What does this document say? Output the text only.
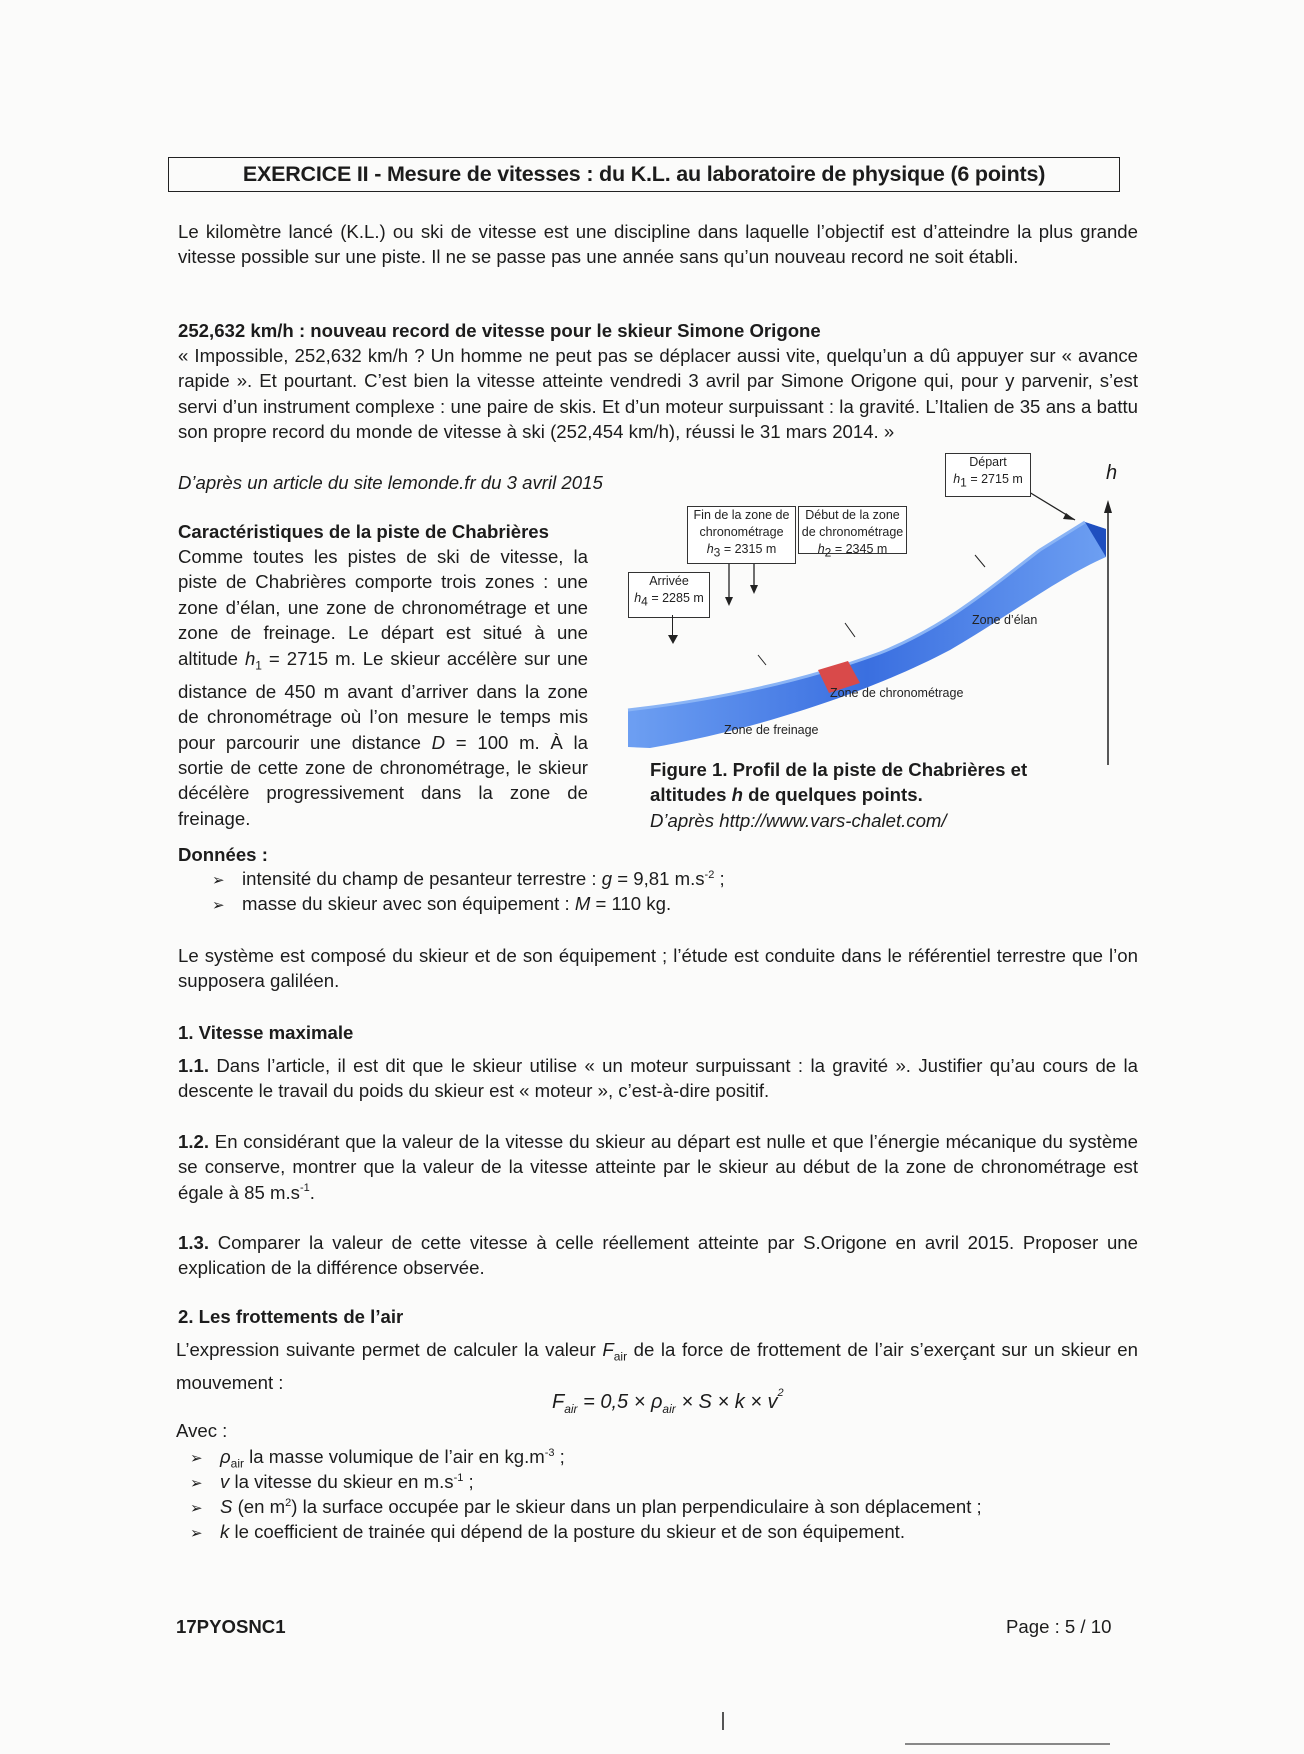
EXERCICE II - Mesure de vitesses : du K.L. au laboratoire de physique (6 points)
Le kilomètre lancé (K.L.) ou ski de vitesse est une discipline dans laquelle l’objectif est d’atteindre la plus grande vitesse possible sur une piste. Il ne se passe pas une année sans qu’un nouveau record ne soit établi.
252,632 km/h : nouveau record de vitesse pour le skieur Simone Origone
« Impossible, 252,632 km/h ? Un homme ne peut pas se déplacer aussi vite, quelqu’un a dû appuyer sur « avance rapide ». Et pourtant. C’est bien la vitesse atteinte vendredi 3 avril par Simone Origone qui, pour y parvenir, s’est servi d’un instrument complexe : une paire de skis. Et d’un moteur surpuissant : la gravité. L’Italien de 35 ans a battu son propre record du monde de vitesse à ski (252,454 km/h), réussi le 31 mars 2014. »
D’après un article du site lemonde.fr du 3 avril 2015
Caractéristiques de la piste de Chabrières
Comme toutes les pistes de ski de vitesse, la piste de Chabrières comporte trois zones : une zone d’élan, une zone de chronométrage et une zone de freinage. Le départ est situé à une altitude $h_1 = 2715$ m. Le skieur accélère sur une distance de 450 m avant d’arriver dans la zone de chronométrage où l’on mesure le temps mis pour parcourir une distance D = 100 m. À la sortie de cette zone de chronométrage, le skieur décélère progressivement dans la zone de freinage.
h
Départ
$h_1 = 2715$ m
Fin de la zone de
chronométrage
$h_3 = 2315$ m
Début de la zone
de chronométrage
$h_2 = 2345$ m
Arrivée
$h_4 = 2285$ m
Zone d’élan
Zone de chronométrage
Zone de freinage
Figure 1. Profil de la piste de Chabrières et
altitudes h de quelques points.
D’après http://www.vars-chalet.com/
Données :
➢ intensité du champ de pesanteur terrestre : g = 9,81 $m.s^{-2}$ ;
➢ masse du skieur avec son équipement : M = 110 kg.
Le système est composé du skieur et de son équipement ; l’étude est conduite dans le référentiel terrestre que l’on supposera galiléen.
1. Vitesse maximale
1.1. Dans l’article, il est dit que le skieur utilise « un moteur surpuissant : la gravité ». Justifier qu’au cours de la descente le travail du poids du skieur est « moteur », c’est-à-dire positif.
1.2. En considérant que la valeur de la vitesse du skieur au départ est nulle et que l’énergie mécanique du système se conserve, montrer que la valeur de la vitesse atteinte par le skieur au début de la zone de chronométrage est égale à 85 $m.s^{-1}$.
1.3. Comparer la valeur de cette vitesse à celle réellement atteinte par S.Origone en avril 2015. Proposer une explication de la différence observée.
2. Les frottements de l’air
L’expression suivante permet de calculer la valeur $F_{air}$ de la force de frottement de l’air s’exerçant sur un skieur en mouvement :
$F_{air} = 0,5 \times \rho_{air} \times S \times k \times v^2$
Avec :
➢ $\rho_{air}$ la masse volumique de l’air en $kg.m^{-3}$ ;
➢ v la vitesse du skieur en $m.s^{-1}$ ;
➢ S (en $m^2$) la surface occupée par le skieur dans un plan perpendiculaire à son déplacement ;
➢ k le coefficient de trainée qui dépend de la posture du skieur et de son équipement.
17PYOSNC1	Page : 5 / 10
